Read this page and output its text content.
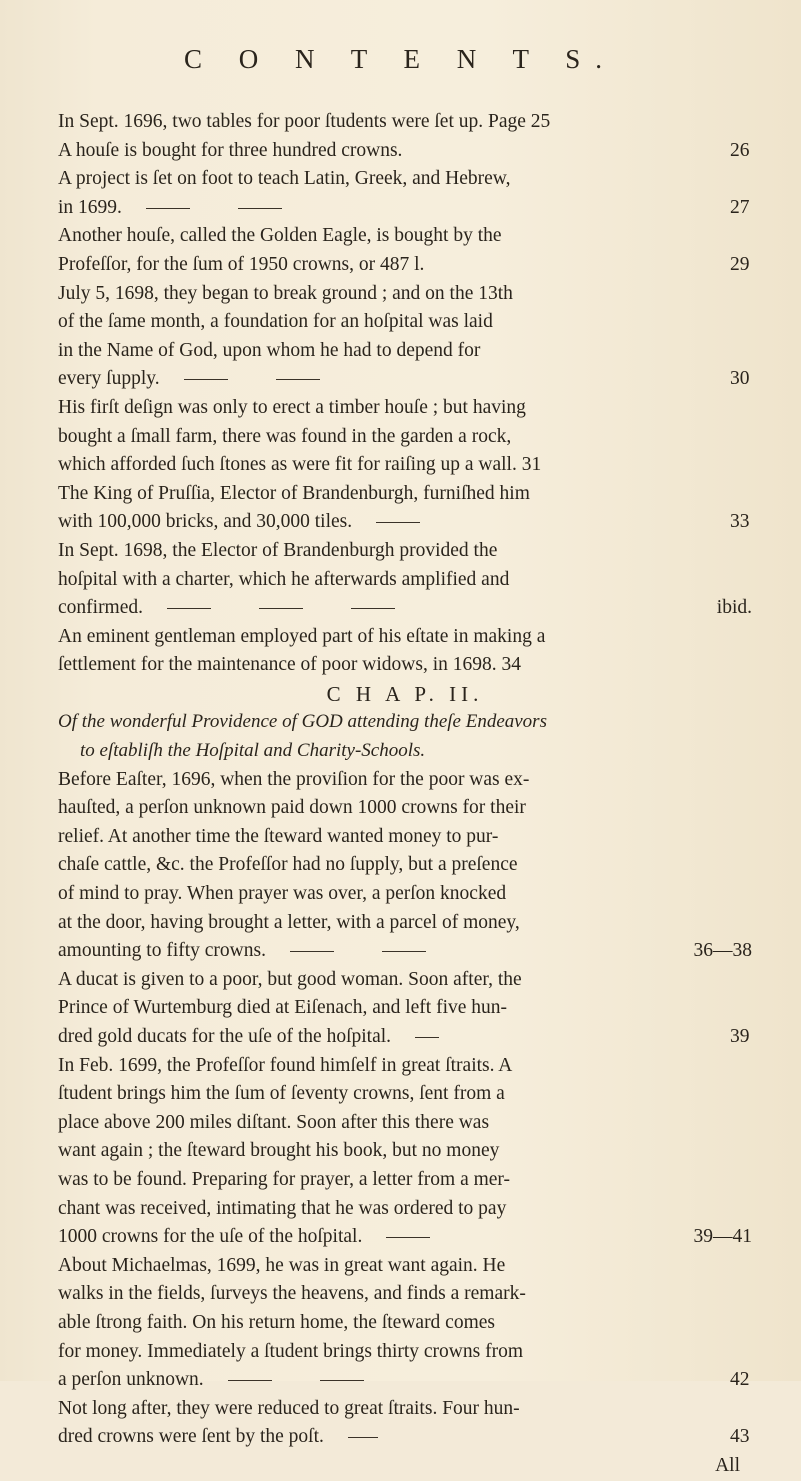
C O N T E N T S.
In Sept. 1696, two tables for poor ſtudents were ſet up. Page 25
A houſe is bought for three hundred crowns.	26
A project is ſet on foot to teach Latin, Greek, and Hebrew,
in 1699.	27
Another houſe, called the Golden Eagle, is bought by the
Profeſſor, for the ſum of 1950 crowns, or 487 l.	29
July 5, 1698, they began to break ground ; and on the 13th
of the ſame month, a foundation for an hoſpital was laid
in the Name of God, upon whom he had to depend for
every ſupply.	30
His firſt deſign was only to erect a timber houſe ; but having
bought a ſmall farm, there was found in the garden a rock,
which afforded ſuch ſtones as were fit for raiſing up a wall. 31
The King of Pruſſia, Elector of Brandenburgh, furniſhed him
with 100,000 bricks, and 30,000 tiles.	33
In Sept. 1698, the Elector of Brandenburgh provided the
hoſpital with a charter, which he afterwards amplified and
confirmed.	ibid.
An eminent gentleman employed part of his eſtate in making a
ſettlement for the maintenance of poor widows, in 1698. 34
C H A P. II.
Of the wonderful Providence of GOD attending theſe Endeavors
to eſtabliſh the Hoſpital and Charity-Schools.
Before Eaſter, 1696, when the proviſion for the poor was ex-
hauſted, a perſon unknown paid down 1000 crowns for their
relief. At another time the ſteward wanted money to pur-
chaſe cattle, &c. the Profeſſor had no ſupply, but a preſence
of mind to pray. When prayer was over, a perſon knocked
at the door, having brought a letter, with a parcel of money,
amounting to fifty crowns.	36—38
A ducat is given to a poor, but good woman. Soon after, the
Prince of Wurtemburg died at Eiſenach, and left five hun-
dred gold ducats for the uſe of the hoſpital.	39
In Feb. 1699, the Profeſſor found himſelf in great ſtraits. A
ſtudent brings him the ſum of ſeventy crowns, ſent from a
place above 200 miles diſtant. Soon after this there was
want again ; the ſteward brought his book, but no money
was to be found. Preparing for prayer, a letter from a mer-
chant was received, intimating that he was ordered to pay
1000 crowns for the uſe of the hoſpital.	39—41
About Michaelmas, 1699, he was in great want again. He
walks in the fields, ſurveys the heavens, and finds a remark-
able ſtrong faith. On his return home, the ſteward comes
for money. Immediately a ſtudent brings thirty crowns from
a perſon unknown.	42
Not long after, they were reduced to great ſtraits. Four hun-
dred crowns were ſent by the poſt.	43
All
